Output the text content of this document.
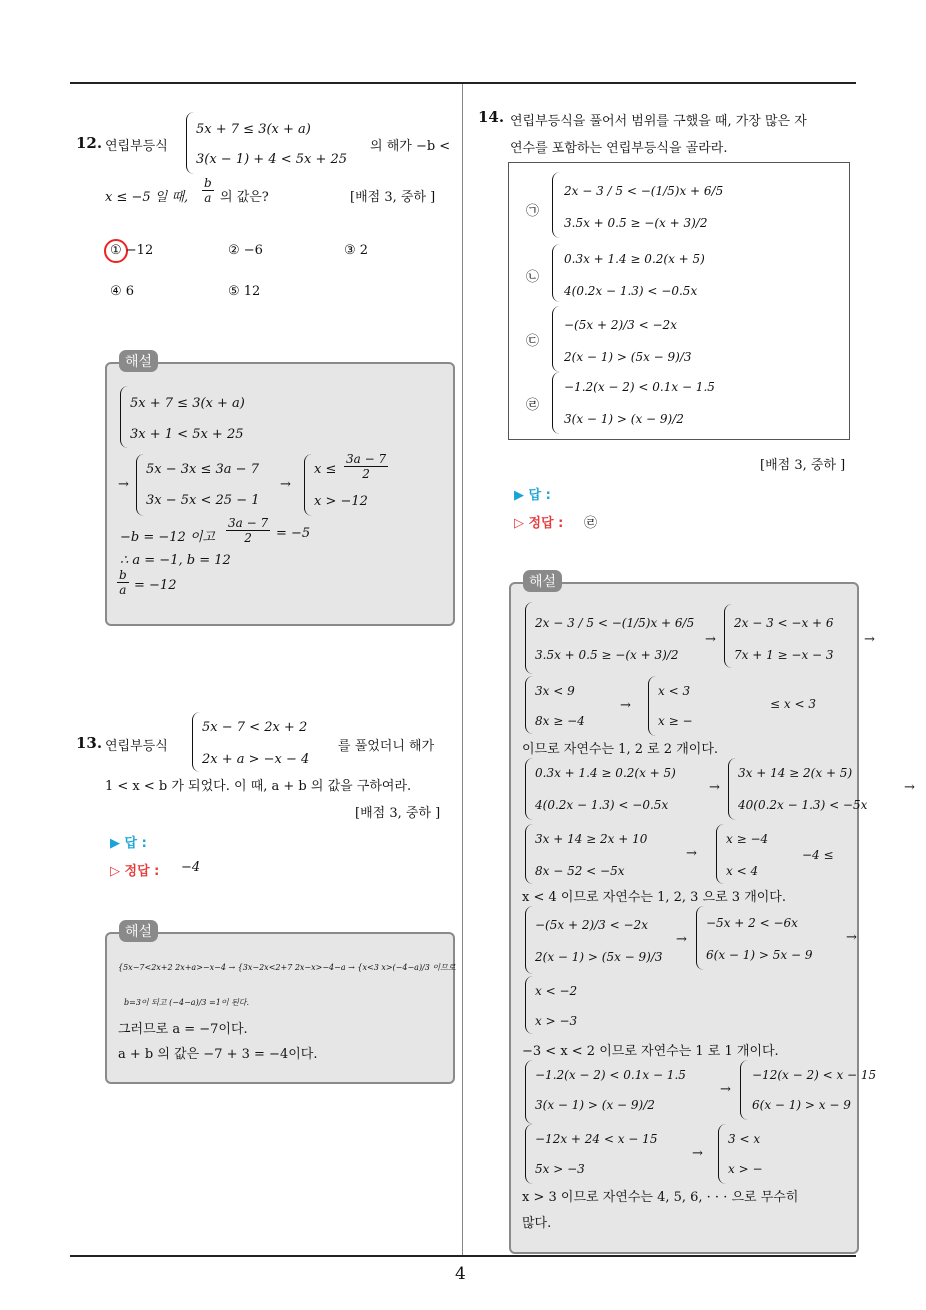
4
12. 연립부등식
5x + 7 ≤ 3(x + a)
3(x − 1) + 4 < 5x + 25
의 해가 −b <
x ≤ −5 일 때, $\frac{b}{a}$ 의 값은?	[배점 3, 중하 ]
① −12	② −6	③ 2
④ 6	⑤ 12
해설
5x + 7 ≤ 3(x + a)
3x + 1 < 5x + 25
→
5x − 3x ≤ 3a − 7
3x − 5x < 25 − 1
→
$x \le \frac{3a - 7}{2}$
x > −12
−b = −12 이고 $\frac{3a - 7}{2} = -5$
∴ a = −1, b = 12
$\frac{b}{a} = -12$
13. 연립부등식
5x − 7 < 2x + 2
2x + a > −x − 4
를 풀었더니 해가
1 < x < b 가 되었다. 이 때, a + b 의 값을 구하여라.
[배점 3, 중하 ]
▶ 답 :
▷ 정답 : −4
해설
{5x−7<2x+2 2x+a>−x−4 → {3x−2x<2+7 2x−x>−4−a → {x<3 x>(−4−a)/3 이므로
b=3이 되고 (−4−a)/3 =1이 된다.
그러므로 a = −7이다.
a + b 의 값은 −7 + 3 = −4이다.
14. 연립부등식을 풀어서 범위를 구했을 때, 가장 많은 자
연수를 포함하는 연립부등식을 골라라.
㉠
2x − 3 / 5 < −(1/5)x + 6/5
3.5x + 0.5 ≥ −(x + 3)/2
㉡
0.3x + 1.4 ≥ 0.2(x + 5)
4(0.2x − 1.3) < −0.5x
㉢
−(5x + 2)/3 < −2x
2(x − 1) > (5x − 9)/3
㉣
−1.2(x − 2) < 0.1x − 1.5
3(x − 1) > (x − 9)/2
[배점 3, 중하 ]
▶ 답 :
▷ 정답 : ㉣
해설
2x − 3 / 5 < −(1/5)x + 6/5
3.5x + 0.5 ≥ −(x + 3)/2
→
2x − 3 < −x + 6
7x + 1 ≥ −x − 3
→
3x < 9
8x ≥ −4
→
x < 3
x ≥ −
≤ x < 3
이므로 자연수는 1, 2 로 2 개이다.
0.3x + 1.4 ≥ 0.2(x + 5)
4(0.2x − 1.3) < −0.5x
→
3x + 14 ≥ 2(x + 5)
40(0.2x − 1.3) < −5x
→
3x + 14 ≥ 2x + 10
8x − 52 < −5x
→
x ≥ −4
x < 4
−4 ≤
x < 4 이므로 자연수는 1, 2, 3 으로 3 개이다.
−(5x + 2)/3 < −2x
2(x − 1) > (5x − 9)/3
→
−5x + 2 < −6x
6(x − 1) > 5x − 9
→
x < −2
x > −3
−3 < x < 2 이므로 자연수는 1 로 1 개이다.
−1.2(x − 2) < 0.1x − 1.5
3(x − 1) > (x − 9)/2
→
−12(x − 2) < x − 15
6(x − 1) > x − 9
−12x + 24 < x − 15
5x > −3
→
3 < x
x > −
x > 3 이므로 자연수는 4, 5, 6, · · · 으로 무수히
많다.
